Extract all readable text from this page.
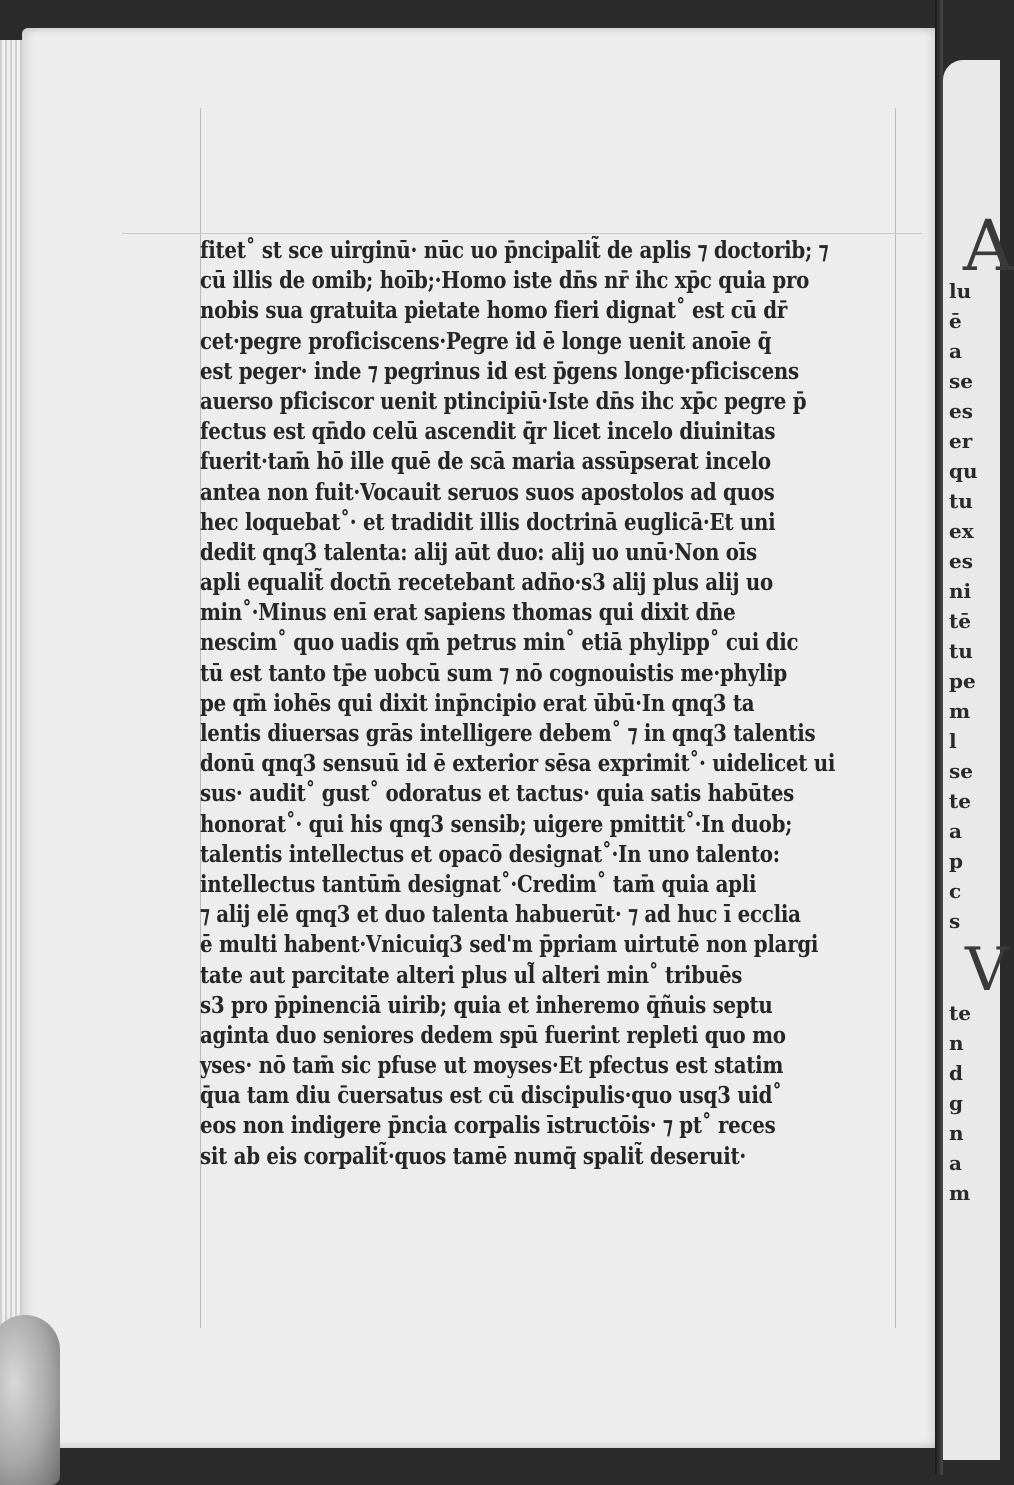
fitet˚ st sce uirginū· nūc uo p̄ncipalit̃ de aplis ⁊ doctorib; ⁊
cū illis de omib; hoīb;·Homo iste dn̄s nr̄ ihc xp̄c quia pro
nobis sua gratuita pietate homo fieri dignat˚ est cū dr̄
cet·pegre proficiscens·Pegre id ē longe uenit anoīe q̄
est peger· inde ⁊ pegrinus id est p̄gens longe·pficiscens
auerso pficiscor uenit ptincipiū·Iste dn̄s ihc xp̄c pegre p̄
fectus est qn̄do celū ascendit q̄r licet incelo diuinitas
fuerit·tam̄ hō ille quē de scā maria assūpserat incelo
antea non fuit·Vocauit seruos suos apostolos ad quos
hec loquebat˚· et tradidit illis doctrinā euglicā·Et uni
dedit qnq3 talenta: alij aūt duo: alij uo unū·Non oīs
apli equalit̃ doctn̄ recetebant adn̄o·s3 alij plus alij uo
min˚·Minus enī erat sapiens thomas qui dixit dn̄e
nescim˚ quo uadis qm̄ petrus min˚ etiā phylipp˚ cui dic
tū est tanto tp̄e uobcū sum ⁊ nō cognouistis me·phylip
pe qm̄ iohēs qui dixit inp̄ncipio erat ūbū·In qnq3 ta
lentis diuersas grās intelligere debem˚ ⁊ in qnq3 talentis
donū qnq3 sensuū id ē exterior sēsa exprimit˚· uidelicet ui
sus· audit˚ gust˚ odoratus et tactus· quia satis habūtes
honorat˚· qui his qnq3 sensib; uigere pmittit˚·In duob;
talentis intellectus et opacō designat˚·In uno talento:
intellectus tantūm̄ designat˚·Credim˚ tam̄ quia apli
⁊ alij elē qnq3 et duo talenta habuerūt· ⁊ ad huc ī ecclia
ē multi habent·Vnicuiq3 sed'm p̄priam uirtutē non plargi
tate aut parcitate alteri plus ul̃ alteri min˚ tribuēs
s3 pro p̄pinenciā uirib; quia et inheremo q̄ñuis septu
aginta duo seniores dedem spū fuerint repleti quo mo
yses· nō tam̄ sic pfuse ut moyses·Et pfectus est statim
q̄ua tam diu c̄uersatus est cū discipulis·quo usq3 uid˚
eos non indigere p̄ncia corpalis īstructōis· ⁊ pt˚ reces
sit ab eis corpalit̃·quos tamē numq̄ spalit̃ deseruit·
A
lu
ē
a
se
es
er
qu
tu
ex
es
ni
tē
tu
pe
m
l
se
te
a
p
c
s
V
te
n
d
g
n
a
m
